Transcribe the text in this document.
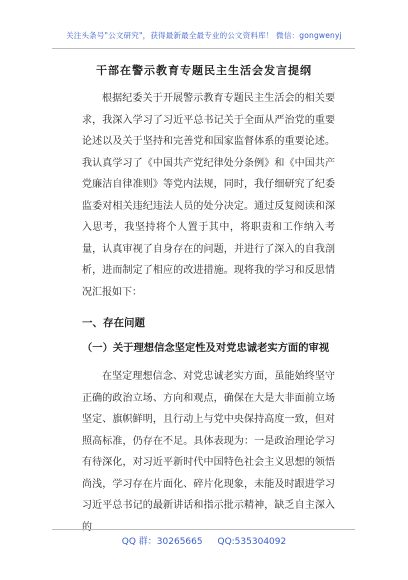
关注头条号"公文研究"，获得最新最全最专业的公文资料库！ 微信：gongwenyj
干部在警示教育专题民主生活会发言提纲

根据纪委关于开展警示教育专题民主生活会的相关要求，我深入学习了习近平总书记关于全面从严治党的重要论述以及关于坚持和完善党和国家监督体系的重要论述。我认真学习了《中国共产党纪律处分条例》和《中国共产党廉洁自律准则》等党内法规，同时，我仔细研究了纪委监委对相关违纪违法人员的处分决定。通过反复阅读和深入思考，我坚持将个人置于其中，将职责和工作纳入考量，认真审视了自身存在的问题，并进行了深入的自我剖析，进而制定了相应的改进措施。现将我的学习和反思情况汇报如下：

一、存在问题

（一）关于理想信念坚定性及对党忠诚老实方面的审视

在坚定理想信念、对党忠诚老实方面，虽能始终坚守正确的政治立场、方向和观点，确保在大是大非面前立场坚定、旗帜鲜明，且行动上与党中央保持高度一致，但对照高标准，仍存在不足。具体表现为：一是政治理论学习有待深化，对习近平新时代中国特色社会主义思想的领悟尚浅，学习存在片面化、碎片化现象，未能及时跟进学习习近平总书记的最新讲话和指示批示精神，缺乏自主深入的

QQ 群：30265665 QQ:535304092
